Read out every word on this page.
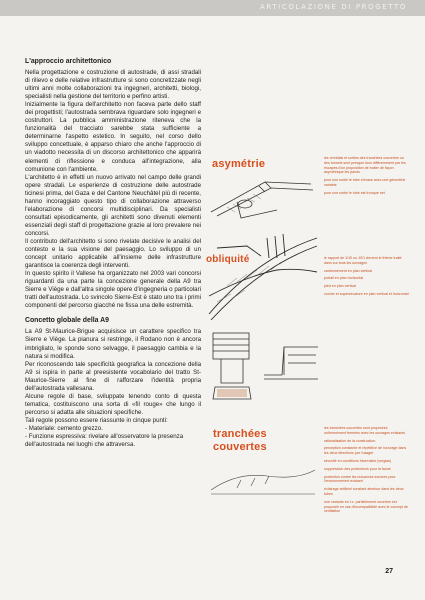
ARTICOLAZIONE DI PROGETTO
L'approccio architettonico

Nella progettazione e costruzione di autostrade, di assi stradali di rilievo e delle relative infrastrutture si sono concretizzate negli ultimi anni molte collaborazioni tra ingegneri, architetti, biologi, specialisti nella gestione del territorio e perfino artisti.

Inizialmente la figura dell'architetto non faceva parte dello staff dei progettisti; l'autostrada sembrava riguardare solo ingegneri e costruttori. La pubblica amministrazione riteneva che la funzionalità del tracciato sarebbe stata sufficiente a determinarne l'aspetto estetico. In seguito, nel corso dello sviluppo concettuale, è apparso chiaro che anche l'approccio di un viadotto necessita di un discorso architettonico che apparirà elementi di riflessione e conduca all'integrazione, alla comunione con l'ambiente.

L'architetto è in effetti un nuovo arrivato nel campo delle grandi opere stradali. Le esperienze di costruzione delle autostrade ticinesi prima, del Gaza e del Cantone Neuchâtel più di recente, hanno incoraggiato questo tipo di collaborazione attraverso l'elaborazione di concorsi multidisciplinari. Da specialisti consultati episodicamente, gli architetti sono divenuti elementi essenziali degli staff di progettazione grazie al loro prevalere nei concorsi.

Il contributo dell'architetto si sono rivelate decisive le analisi del contesto e la sua visione del paesaggio. Lo sviluppo di un concept unitario applicabile all'insieme delle infrastrutture garantisce la coerenza degli interventi.

In questo spirito il Vallese ha organizzato nel 2003 vari concorsi riguardanti da una parte la concezione generale della A9 tra Sierre e Viège e dall'altra singole opere d'ingegneria o particolari tratti dell'autostrada. Lo svincolo Sierre-Est è stato uno tra i primi componenti del percorso giacché ne fissa una delle estremità.

Concetto globale della A9

La A9 St-Maurice-Brigue acquisisce un carattere specifico tra Sierre e Viège. La pianura si restringe, il Rodano non è ancora imbrigliato, le sponde sono selvagge, il paesaggio cambia e la natura si modifica.

Per riconoscendo tale specificità geografica la concezione della A9 si ispira in parte al preesistente vocabolario del tratto St-Maurice-Sierre al fine di rafforzare l'identità propria dell'autostrada vallesana.

Alcune regole di base, sviluppate tenendo conto di questa tematica, costituiscono una sorta di «fil rouge» che lungo il percorso si adatta alle situazioni specifiche.

Tali regole possono essere riassunte in cinque punti:

- Materiale: cemento grezzo.
- Funzione espressiva: rivelare all'osservatore la presenza dell'autostrada nei luoghi che attraversa.
asymétrie	les remblais et sorties des tranchées couvertes ou des tunnels sont presque tous différemment par les escapes d'un proposition de traiter de façon asymétrique les parois
pour une sortie le tube s'évase avec une géométrie variable
pour une sortie le tube est tronqué net
obliquité	le rapport de 1/10 ou 10/1 devient le thème traité dans sur tous les ouvrages
cantonnement en plan vertical
portail en plan horizontal
pied en plan vertical
cocher et superstructure en plan vertical et horizontal
tranchées
couvertes
les tranchées couvertes sont proposées uniformément fermées avec les ouvrages existants
rationalisation de la construction
perception constante et répétitive de l'ouvrage dans les deux directions par l'usager
sécurité en conditions hivernales (verglas)
suppression des protections pour la faune
protection contre les nuisances sonores pour l'environnement existant
éclairage artificiel constant alentour dans les deux tubes
une variante en t.c. partiellement ouvertes est proposée en cas d'incompatibilité avec le concept de ventilation
27
